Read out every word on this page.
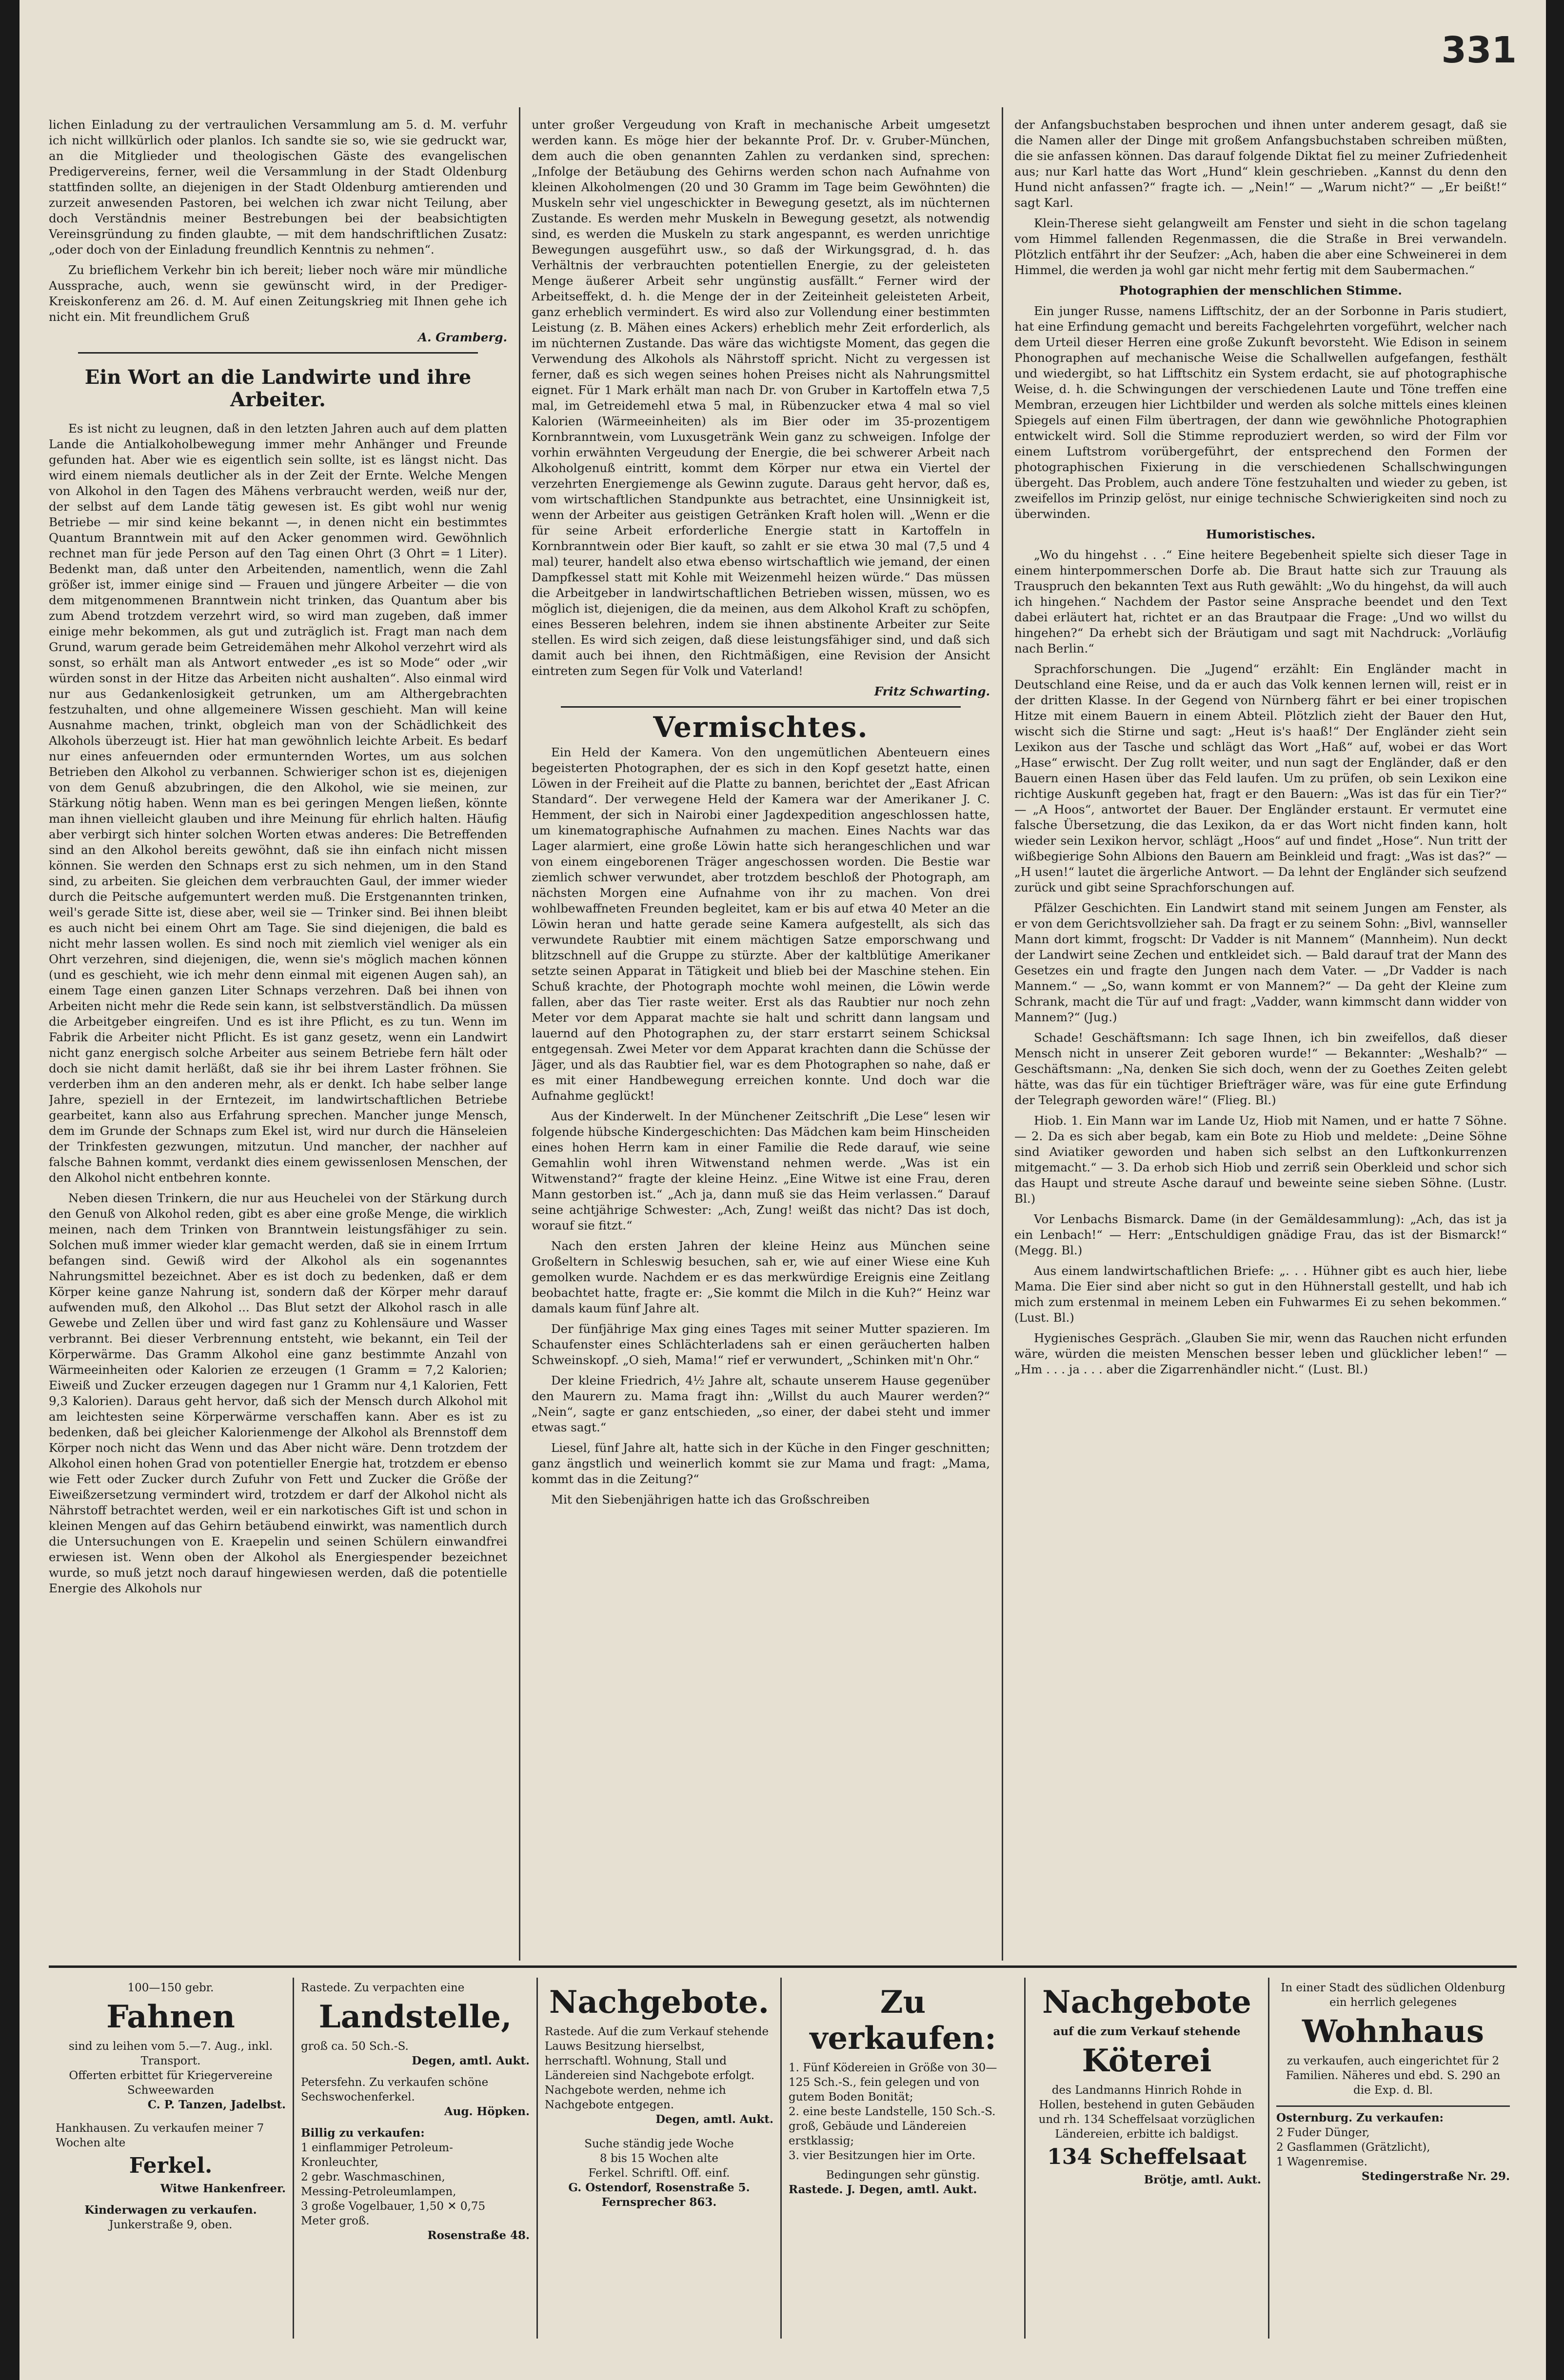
331

lichen Einladung zu der vertraulichen Versammlung am 5. d. M. verfuhr ich nicht willkürlich oder planlos. Ich sandte sie so, wie sie gedruckt war, an die Mitglieder und theologischen Gäste des evangelischen Predigervereins, ferner, weil die Versammlung in der Stadt Oldenburg stattfinden sollte, an diejenigen in der Stadt Oldenburg amtierenden und zurzeit anwesenden Pastoren, bei welchen ich zwar nicht Teilung, aber doch Verständnis meiner Bestrebungen bei der beabsichtigten Vereinsgründung zu finden glaubte, — mit dem handschriftlichen Zusatz: „oder doch von der Einladung freundlich Kenntnis zu nehmen“.

Zu brieflichem Verkehr bin ich bereit; lieber noch wäre mir mündliche Aussprache, auch, wenn sie gewünscht wird, in der Prediger-Kreiskonferenz am 26. d. M. Auf einen Zeitungskrieg mit Ihnen gehe ich nicht ein. Mit freundlichem Gruß

A. Gramberg.
Ein Wort an die Landwirte und ihre Arbeiter.

Es ist nicht zu leugnen, daß in den letzten Jahren auch auf dem platten Lande die Antialkoholbewegung immer mehr Anhänger und Freunde gefunden hat. Aber wie es eigentlich sein sollte, ist es längst nicht. Das wird einem niemals deutlicher als in der Zeit der Ernte. Welche Mengen von Alkohol in den Tagen des Mähens verbraucht werden, weiß nur der, der selbst auf dem Lande tätig gewesen ist. Es gibt wohl nur wenig Betriebe — mir sind keine bekannt —, in denen nicht ein bestimmtes Quantum Branntwein mit auf den Acker genommen wird. Gewöhnlich rechnet man für jede Person auf den Tag einen Ohrt (3 Ohrt = 1 Liter). Bedenkt man, daß unter den Arbeitenden, namentlich, wenn die Zahl größer ist, immer einige sind — Frauen und jüngere Arbeiter — die von dem mitgenommenen Branntwein nicht trinken, das Quantum aber bis zum Abend trotzdem verzehrt wird, so wird man zugeben, daß immer einige mehr bekommen, als gut und zuträglich ist. Fragt man nach dem Grund, warum gerade beim Getreidemähen mehr Alkohol verzehrt wird als sonst, so erhält man als Antwort entweder „es ist so Mode“ oder „wir würden sonst in der Hitze das Arbeiten nicht aushalten“. Also einmal wird nur aus Gedankenlosigkeit getrunken, um am Althergebrachten festzuhalten, und ohne allgemeinere Wissen geschieht. Man will keine Ausnahme machen, trinkt, obgleich man von der Schädlichkeit des Alkohols überzeugt ist. Hier hat man gewöhnlich leichte Arbeit. Es bedarf nur eines anfeuernden oder ermunternden Wortes, um aus solchen Betrieben den Alkohol zu verbannen. Schwieriger schon ist es, diejenigen von dem Genuß abzubringen, die den Alkohol, wie sie meinen, zur Stärkung nötig haben. Wenn man es bei geringen Mengen ließen, könnte man ihnen vielleicht glauben und ihre Meinung für ehrlich halten. Häufig aber verbirgt sich hinter solchen Worten etwas anderes: Die Betreffenden sind an den Alkohol bereits gewöhnt, daß sie ihn einfach nicht missen können. Sie werden den Schnaps erst zu sich nehmen, um in den Stand sind, zu arbeiten. Sie gleichen dem verbrauchten Gaul, der immer wieder durch die Peitsche aufgemuntert werden muß. Die Erstgenannten trinken, weil's gerade Sitte ist, diese aber, weil sie — Trinker sind. Bei ihnen bleibt es auch nicht bei einem Ohrt am Tage. Sie sind diejenigen, die bald es nicht mehr lassen wollen. Es sind noch mit ziemlich viel weniger als ein Ohrt verzehren, sind diejenigen, die, wenn sie's möglich machen können (und es geschieht, wie ich mehr denn einmal mit eigenen Augen sah), an einem Tage einen ganzen Liter Schnaps verzehren. Daß bei ihnen von Arbeiten nicht mehr die Rede sein kann, ist selbstverständlich. Da müssen die Arbeitgeber eingreifen. Und es ist ihre Pflicht, es zu tun. Wenn im Fabrik die Arbeiter nicht Pflicht. Es ist ganz gesetz, wenn ein Landwirt nicht ganz energisch solche Arbeiter aus seinem Betriebe fern hält oder doch sie nicht damit herläßt, daß sie ihr bei ihrem Laster fröhnen. Sie verderben ihm an den anderen mehr, als er denkt. Ich habe selber lange Jahre, speziell in der Erntezeit, im landwirtschaftlichen Betriebe gearbeitet, kann also aus Erfahrung sprechen. Mancher junge Mensch, dem im Grunde der Schnaps zum Ekel ist, wird nur durch die Hänseleien der Trinkfesten gezwungen, mitzutun. Und mancher, der nachher auf falsche Bahnen kommt, verdankt dies einem gewissenlosen Menschen, der den Alkohol nicht entbehren konnte.

Neben diesen Trinkern, die nur aus Heuchelei von der Stärkung durch den Genuß von Alkohol reden, gibt es aber eine große Menge, die wirklich meinen, nach dem Trinken von Branntwein leistungsfähiger zu sein. Solchen muß immer wieder klar gemacht werden, daß sie in einem Irrtum befangen sind. Gewiß wird der Alkohol als ein sogenanntes Nahrungsmittel bezeichnet. Aber es ist doch zu bedenken, daß er dem Körper keine ganze Nahrung ist, sondern daß der Körper mehr darauf aufwenden muß, den Alkohol ... Das Blut setzt der Alkohol rasch in alle Gewebe und Zellen über und wird fast ganz zu Kohlensäure und Wasser verbrannt. Bei dieser Verbrennung entsteht, wie bekannt, ein Teil der Körperwärme. Das Gramm Alkohol eine ganz bestimmte Anzahl von Wärmeeinheiten oder Kalorien ze erzeugen (1 Gramm = 7,2 Kalorien; Eiweiß und Zucker erzeugen dagegen nur 1 Gramm nur 4,1 Kalorien, Fett 9,3 Kalorien). Daraus geht hervor, daß sich der Mensch durch Alkohol mit am leichtesten seine Körperwärme verschaffen kann. Aber es ist zu bedenken, daß bei gleicher Kalorienmenge der Alkohol als Brennstoff dem Körper noch nicht das Wenn und das Aber nicht wäre. Denn trotzdem der Alkohol einen hohen Grad von potentieller Energie hat, trotzdem er ebenso wie Fett oder Zucker durch Zufuhr von Fett und Zucker die Größe der Eiweißzersetzung vermindert wird, trotzdem er darf der Alkohol nicht als Nährstoff betrachtet werden, weil er ein narkotisches Gift ist und schon in kleinen Mengen auf das Gehirn betäubend einwirkt, was namentlich durch die Untersuchungen von E. Kraepelin und seinen Schülern einwandfrei erwiesen ist. Wenn oben der Alkohol als Energiespender bezeichnet wurde, so muß jetzt noch darauf hingewiesen werden, daß die potentielle Energie des Alkohols nur

unter großer Vergeudung von Kraft in mechanische Arbeit umgesetzt werden kann. Es möge hier der bekannte Prof. Dr. v. Gruber-München, dem auch die oben genannten Zahlen zu verdanken sind, sprechen: „Infolge der Betäubung des Gehirns werden schon nach Aufnahme von kleinen Alkoholmengen (20 und 30 Gramm im Tage beim Gewöhnten) die Muskeln sehr viel ungeschickter in Bewegung gesetzt, als im nüchternen Zustande. Es werden mehr Muskeln in Bewegung gesetzt, als notwendig sind, es werden die Muskeln zu stark angespannt, es werden unrichtige Bewegungen ausgeführt usw., so daß der Wirkungsgrad, d. h. das Verhältnis der verbrauchten potentiellen Energie, zu der geleisteten Menge äußerer Arbeit sehr ungünstig ausfällt.“ Ferner wird der Arbeitseffekt, d. h. die Menge der in der Zeiteinheit geleisteten Arbeit, ganz erheblich vermindert. Es wird also zur Vollendung einer bestimmten Leistung (z. B. Mähen eines Ackers) erheblich mehr Zeit erforderlich, als im nüchternen Zustande. Das wäre das wichtigste Moment, das gegen die Verwendung des Alkohols als Nährstoff spricht. Nicht zu vergessen ist ferner, daß es sich wegen seines hohen Preises nicht als Nahrungsmittel eignet. Für 1 Mark erhält man nach Dr. von Gruber in Kartoffeln etwa 7,5 mal, im Getreidemehl etwa 5 mal, in Rübenzucker etwa 4 mal so viel Kalorien (Wärmeeinheiten) als im Bier oder im 35-prozentigem Kornbranntwein, vom Luxusgetränk Wein ganz zu schweigen. Infolge der vorhin erwähnten Vergeudung der Energie, die bei schwerer Arbeit nach Alkoholgenuß eintritt, kommt dem Körper nur etwa ein Viertel der verzehrten Energiemenge als Gewinn zugute. Daraus geht hervor, daß es, vom wirtschaftlichen Standpunkte aus betrachtet, eine Unsinnigkeit ist, wenn der Arbeiter aus geistigen Getränken Kraft holen will. „Wenn er die für seine Arbeit erforderliche Energie statt in Kartoffeln in Kornbranntwein oder Bier kauft, so zahlt er sie etwa 30 mal (7,5 und 4 mal) teurer, handelt also etwa ebenso wirtschaftlich wie jemand, der einen Dampfkessel statt mit Kohle mit Weizenmehl heizen würde.“ Das müssen die Arbeitgeber in landwirtschaftlichen Betrieben wissen, müssen, wo es möglich ist, diejenigen, die da meinen, aus dem Alkohol Kraft zu schöpfen, eines Besseren belehren, indem sie ihnen abstinente Arbeiter zur Seite stellen. Es wird sich zeigen, daß diese leistungsfähiger sind, und daß sich damit auch bei ihnen, den Richtmäßigen, eine Revision der Ansicht eintreten zum Segen für Volk und Vaterland!

Fritz Schwarting.
Vermischtes.

Ein Held der Kamera. Von den ungemütlichen Abenteuern eines begeisterten Photographen, der es sich in den Kopf gesetzt hatte, einen Löwen in der Freiheit auf die Platte zu bannen, berichtet der „East African Standard“. Der verwegene Held der Kamera war der Amerikaner J. C. Hemment, der sich in Nairobi einer Jagdexpedition angeschlossen hatte, um kinematographische Aufnahmen zu machen. Eines Nachts war das Lager alarmiert, eine große Löwin hatte sich herangeschlichen und war von einem eingeborenen Träger angeschossen worden. Die Bestie war ziemlich schwer verwundet, aber trotzdem beschloß der Photograph, am nächsten Morgen eine Aufnahme von ihr zu machen. Von drei wohlbewaffneten Freunden begleitet, kam er bis auf etwa 40 Meter an die Löwin heran und hatte gerade seine Kamera aufgestellt, als sich das verwundete Raubtier mit einem mächtigen Satze emporschwang und blitzschnell auf die Gruppe zu stürzte. Aber der kaltblütige Amerikaner setzte seinen Apparat in Tätigkeit und blieb bei der Maschine stehen. Ein Schuß krachte, der Photograph mochte wohl meinen, die Löwin werde fallen, aber das Tier raste weiter. Erst als das Raubtier nur noch zehn Meter vor dem Apparat machte sie halt und schritt dann langsam und lauernd auf den Photographen zu, der starr erstarrt seinem Schicksal entgegensah. Zwei Meter vor dem Apparat krachten dann die Schüsse der Jäger, und als das Raubtier fiel, war es dem Photographen so nahe, daß er es mit einer Handbewegung erreichen konnte. Und doch war die Aufnahme geglückt!

Aus der Kinderwelt. In der Münchener Zeitschrift „Die Lese“ lesen wir folgende hübsche Kindergeschichten: Das Mädchen kam beim Hinscheiden eines hohen Herrn kam in einer Familie die Rede darauf, wie seine Gemahlin wohl ihren Witwenstand nehmen werde. „Was ist ein Witwenstand?“ fragte der kleine Heinz. „Eine Witwe ist eine Frau, deren Mann gestorben ist.“ „Ach ja, dann muß sie das Heim verlassen.“ Darauf seine achtjährige Schwester: „Ach, Zung! weißt das nicht? Das ist doch, worauf sie fitzt.“

Nach den ersten Jahren der kleine Heinz aus München seine Großeltern in Schleswig besuchen, sah er, wie auf einer Wiese eine Kuh gemolken wurde. Nachdem er es das merkwürdige Ereignis eine Zeitlang beobachtet hatte, fragte er: „Sie kommt die Milch in die Kuh?“ Heinz war damals kaum fünf Jahre alt.

Der fünfjährige Max ging eines Tages mit seiner Mutter spazieren. Im Schaufenster eines Schlächterladens sah er einen geräucherten halben Schweinskopf. „O sieh, Mama!“ rief er verwundert, „Schinken mit'n Ohr.“

Der kleine Friedrich, 4½ Jahre alt, schaute unserem Hause gegenüber den Maurern zu. Mama fragt ihn: „Willst du auch Maurer werden?“ „Nein“, sagte er ganz entschieden, „so einer, der dabei steht und immer etwas sagt.“

Liesel, fünf Jahre alt, hatte sich in der Küche in den Finger geschnitten; ganz ängstlich und weinerlich kommt sie zur Mama und fragt: „Mama, kommt das in die Zeitung?“

Mit den Siebenjährigen hatte ich das Großschreiben

der Anfangsbuchstaben besprochen und ihnen unter anderem gesagt, daß sie die Namen aller der Dinge mit großem Anfangsbuchstaben schreiben müßten, die sie anfassen können. Das darauf folgende Diktat fiel zu meiner Zufriedenheit aus; nur Karl hatte das Wort „Hund“ klein geschrieben. „Kannst du denn den Hund nicht anfassen?“ fragte ich. — „Nein!“ — „Warum nicht?“ — „Er beißt!“ sagt Karl.

Klein-Therese sieht gelangweilt am Fenster und sieht in die schon tagelang vom Himmel fallenden Regenmassen, die die Straße in Brei verwandeln. Plötzlich entfährt ihr der Seufzer: „Ach, haben die aber eine Schweinerei in dem Himmel, die werden ja wohl gar nicht mehr fertig mit dem Saubermachen.“

Photographien der menschlichen Stimme.

Ein junger Russe, namens Lifftschitz, der an der Sorbonne in Paris studiert, hat eine Erfindung gemacht und bereits Fachgelehrten vorgeführt, welcher nach dem Urteil dieser Herren eine große Zukunft bevorsteht. Wie Edison in seinem Phonographen auf mechanische Weise die Schallwellen aufgefangen, festhält und wiedergibt, so hat Lifftschitz ein System erdacht, sie auf photographische Weise, d. h. die Schwingungen der verschiedenen Laute und Töne treffen eine Membran, erzeugen hier Lichtbilder und werden als solche mittels eines kleinen Spiegels auf einen Film übertragen, der dann wie gewöhnliche Photographien entwickelt wird. Soll die Stimme reproduziert werden, so wird der Film vor einem Luftstrom vorübergeführt, der entsprechend den Formen der photographischen Fixierung in die verschiedenen Schallschwingungen übergeht. Das Problem, auch andere Töne festzuhalten und wieder zu geben, ist zweifellos im Prinzip gelöst, nur einige technische Schwierigkeiten sind noch zu überwinden.

Humoristisches.

„Wo du hingehst . . .“ Eine heitere Begebenheit spielte sich dieser Tage in einem hinterpommerschen Dorfe ab. Die Braut hatte sich zur Trauung als Trauspruch den bekannten Text aus Ruth gewählt: „Wo du hingehst, da will auch ich hingehen.“ Nachdem der Pastor seine Ansprache beendet und den Text dabei erläutert hat, richtet er an das Brautpaar die Frage: „Und wo willst du hingehen?“ Da erhebt sich der Bräutigam und sagt mit Nachdruck: „Vorläufig nach Berlin.“

Sprachforschungen. Die „Jugend“ erzählt: Ein Engländer macht in Deutschland eine Reise, und da er auch das Volk kennen lernen will, reist er in der dritten Klasse. In der Gegend von Nürnberg fährt er bei einer tropischen Hitze mit einem Bauern in einem Abteil. Plötzlich zieht der Bauer den Hut, wischt sich die Stirne und sagt: „Heut is's haaß!“ Der Engländer zieht sein Lexikon aus der Tasche und schlägt das Wort „Haß“ auf, wobei er das Wort „Hase“ erwischt. Der Zug rollt weiter, und nun sagt der Engländer, daß er den Bauern einen Hasen über das Feld laufen. Um zu prüfen, ob sein Lexikon eine richtige Auskunft gegeben hat, fragt er den Bauern: „Was ist das für ein Tier?“ — „A Hoos“, antwortet der Bauer. Der Engländer erstaunt. Er vermutet eine falsche Übersetzung, die das Lexikon, da er das Wort nicht finden kann, holt wieder sein Lexikon hervor, schlägt „Hoos“ auf und findet „Hose“. Nun tritt der wißbegierige Sohn Albions den Bauern am Beinkleid und fragt: „Was ist das?“ — „H usen!“ lautet die ärgerliche Antwort. — Da lehnt der Engländer sich seufzend zurück und gibt seine Sprachforschungen auf.

Pfälzer Geschichten. Ein Landwirt stand mit seinem Jungen am Fenster, als er von dem Gerichtsvollzieher sah. Da fragt er zu seinem Sohn: „Bivl, wannseller Mann dort kimmt, frogscht: Dr Vadder is nit Mannem“ (Mannheim). Nun deckt der Landwirt seine Zechen und entkleidet sich. — Bald darauf trat der Mann des Gesetzes ein und fragte den Jungen nach dem Vater. — „Dr Vadder is nach Mannem.“ — „So, wann kommt er von Mannem?“ — Da geht der Kleine zum Schrank, macht die Tür auf und fragt: „Vadder, wann kimmscht dann widder von Mannem?“ (Jug.)

Schade! Geschäftsmann: Ich sage Ihnen, ich bin zweifellos, daß dieser Mensch nicht in unserer Zeit geboren wurde!“ — Bekannter: „Weshalb?“ — Geschäftsmann: „Na, denken Sie sich doch, wenn der zu Goethes Zeiten gelebt hätte, was das für ein tüchtiger Briefträger wäre, was für eine gute Erfindung der Telegraph geworden wäre!“ (Flieg. Bl.)

Hiob. 1. Ein Mann war im Lande Uz, Hiob mit Namen, und er hatte 7 Söhne. — 2. Da es sich aber begab, kam ein Bote zu Hiob und meldete: „Deine Söhne sind Aviatiker geworden und haben sich selbst an den Luftkonkurrenzen mitgemacht.“ — 3. Da erhob sich Hiob und zerriß sein Oberkleid und schor sich das Haupt und streute Asche darauf und beweinte seine sieben Söhne. (Lustr. Bl.)

Vor Lenbachs Bismarck. Dame (in der Gemäldesammlung): „Ach, das ist ja ein Lenbach!“ — Herr: „Entschuldigen gnädige Frau, das ist der Bismarck!“ (Megg. Bl.)

Aus einem landwirtschaftlichen Briefe: „. . . Hühner gibt es auch hier, liebe Mama. Die Eier sind aber nicht so gut in den Hühnerstall gestellt, und hab ich mich zum erstenmal in meinem Leben ein Fuhwarmes Ei zu sehen bekommen.“ (Lust. Bl.)

Hygienisches Gespräch. „Glauben Sie mir, wenn das Rauchen nicht erfunden wäre, würden die meisten Menschen besser leben und glücklicher leben!“ — „Hm . . . ja . . . aber die Zigarrenhändler nicht.“ (Lust. Bl.)

100—150 gebr.
Fahnen
sind zu leihen vom 5.—7. Aug., inkl. Transport.
Offerten erbittet für Kriegervereine Schweewarden
C. P. Tanzen, Jadelbst.
Hankhausen. Zu verkaufen meiner 7 Wochen alte
Ferkel.
Witwe Hankenfreer.
Kinderwagen zu verkaufen.
Junkerstraße 9, oben.
Rastede. Zu verpachten eine
Landstelle,
groß ca. 50 Sch.-S.
Degen, amtl. Aukt.
Petersfehn. Zu verkaufen schöne Sechswochenferkel.
Aug. Höpken.
Billig zu verkaufen:
1 einflammiger Petroleum-Kronleuchter,
2 gebr. Waschmaschinen,
Messing-Petroleumlampen,
3 große Vogelbauer, 1,50 ✕ 0,75
Meter groß.
Rosenstraße 48.
Nachgebote.
Rastede. Auf die zum Verkauf stehende Lauws Besitzung hierselbst, herrschaftl. Wohnung, Stall und Ländereien sind Nachgebote erfolgt. Nachgebote werden, nehme ich Nachgebote entgegen.
Degen, amtl. Aukt.
Suche ständig jede Woche
8 bis 15 Wochen alte
Ferkel. Schriftl. Off. einf.
G. Ostendorf, Rosenstraße 5.
Fernsprecher 863.
Zu verkaufen:
1. Fünf Ködereien in Größe von 30—125 Sch.-S., fein gelegen und von gutem Boden Bonität;
2. eine beste Landstelle, 150 Sch.-S. groß, Gebäude und Ländereien erstklassig;
3. vier Besitzungen hier im Orte.
Bedingungen sehr günstig.
Rastede. J. Degen, amtl. Aukt.
Nachgebote
auf die zum Verkauf stehende
Köterei
des Landmanns Hinrich Rohde in Hollen, bestehend in guten Gebäuden und rh. 134 Scheffelsaat vorzüglichen Ländereien, erbitte ich baldigst.
134 Scheffelsaat
Brötje, amtl. Aukt.
In einer Stadt des südlichen Oldenburg ein herrlich gelegenes
Wohnhaus
zu verkaufen, auch eingerichtet für 2 Familien. Näheres und ebd. S. 290 an die Exp. d. Bl.
Osternburg. Zu verkaufen:
2 Fuder Dünger,
2 Gasflammen (Grätzlicht),
1 Wagenremise.
Stedingerstraße Nr. 29.
